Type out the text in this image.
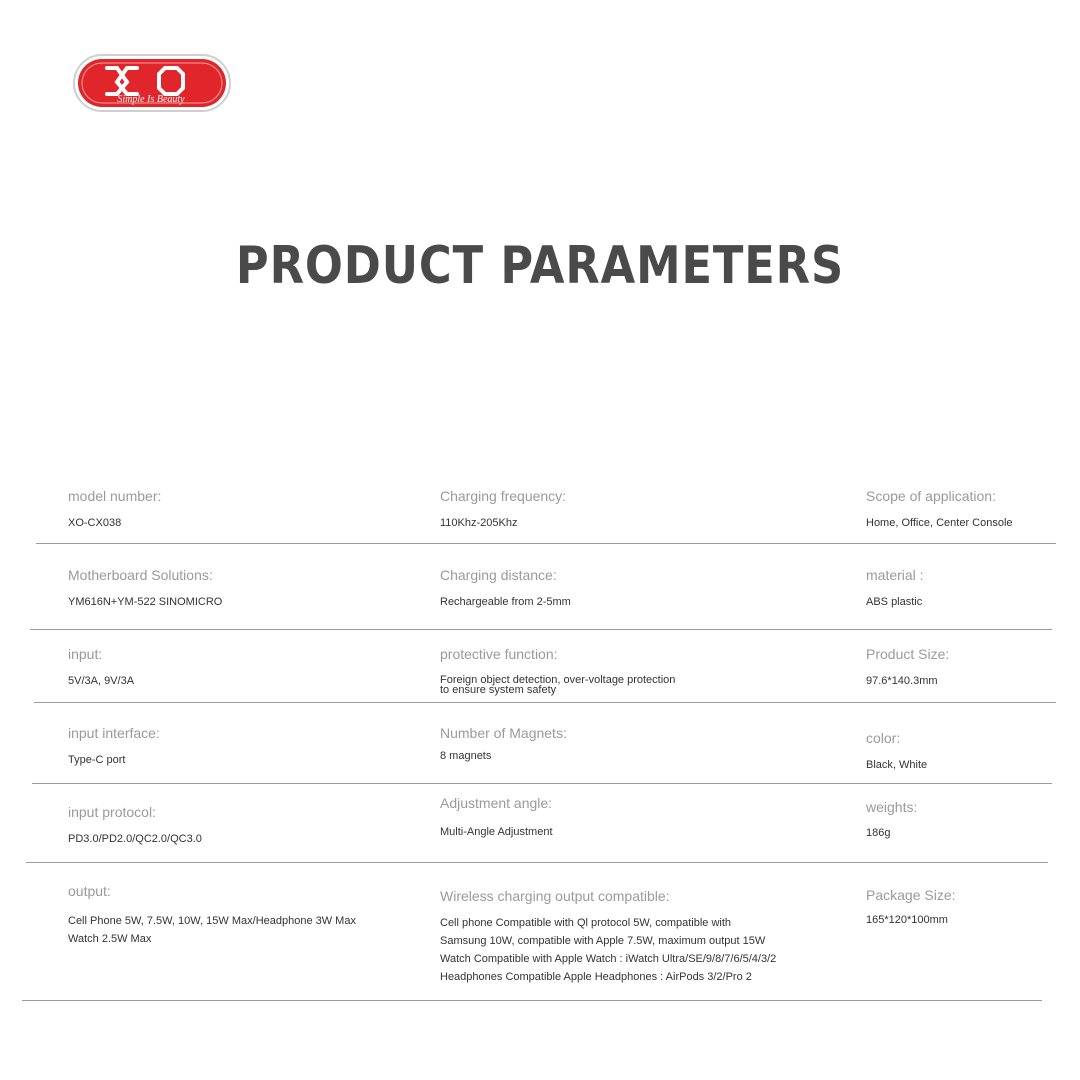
Simple Is Beauty
PRODUCT PARAMETERS
model number:
XO-CX038
Charging frequency:
110Khz-205Khz
Scope of application:
Home, Office, Center Console
Motherboard Solutions:
YM616N+YM-522 SINOMICRO
Charging distance:
Rechargeable from 2-5mm
material :
ABS plastic
input:
5V/3A, 9V/3A
protective function:
Foreign object detection, over-voltage protection
to ensure system safety
Product Size:
97.6*140.3mm
input interface:
Type-C port
Number of Magnets:
8 magnets
color:
Black, White
input protocol:
PD3.0/PD2.0/QC2.0/QC3.0
Adjustment angle:
Multi-Angle Adjustment
weights:
186g
output:
Cell Phone 5W, 7.5W, 10W, 15W Max/Headphone 3W Max
Watch 2.5W Max
Wireless charging output compatible:
Cell phone Compatible with Ql protocol 5W, compatible with
Samsung 10W, compatible with Apple 7.5W, maximum output 15W
Watch Compatible with Apple Watch : iWatch Ultra/SE/9/8/7/6/5/4/3/2
Headphones Compatible Apple Headphones : AirPods 3/2/Pro 2
Package Size:
165*120*100mm
